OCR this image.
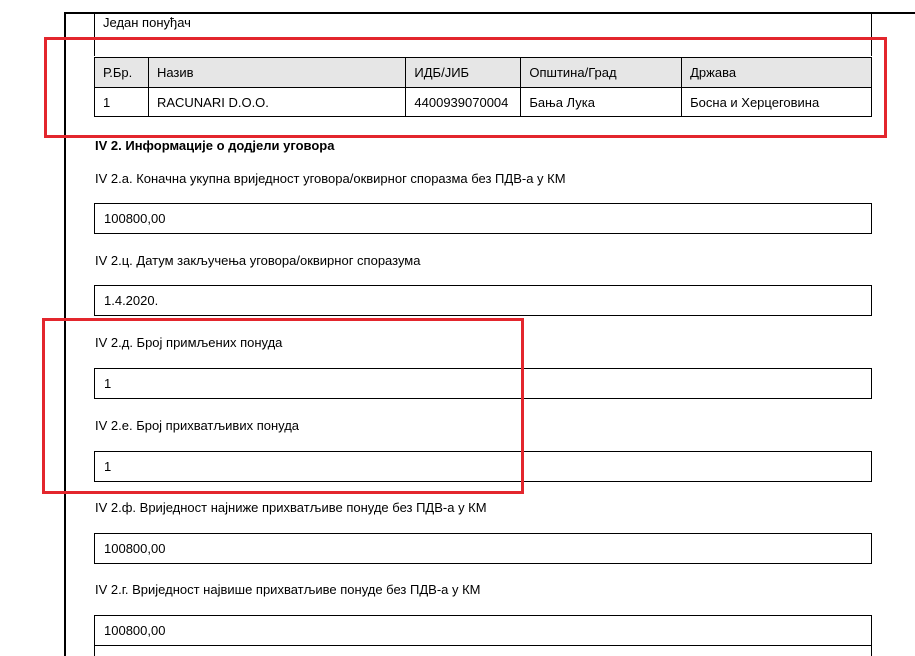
Један понуђач
Р.Бр.	Назив	ИДБ/ЈИБ	Општина/Град	Држава
1	RACUNARI D.O.O.	4400939070004	Бања Лука	Босна и Херцеговина
IV 2. Информације о додјели уговора
IV 2.а. Коначна укупна вриједност уговора/оквирног споразма без ПДВ-а у КМ
100800,00
IV 2.ц. Датум закључења уговора/оквирног споразума
1.4.2020.
IV 2.д. Број примљених понуда
1
IV 2.е. Број прихватљивих понуда
1
IV 2.ф. Вриједност најниже прихватљиве понуде без ПДВ-а у КМ
100800,00
IV 2.г. Вриједност највише прихватљиве понуде без ПДВ-а у КМ
100800,00
